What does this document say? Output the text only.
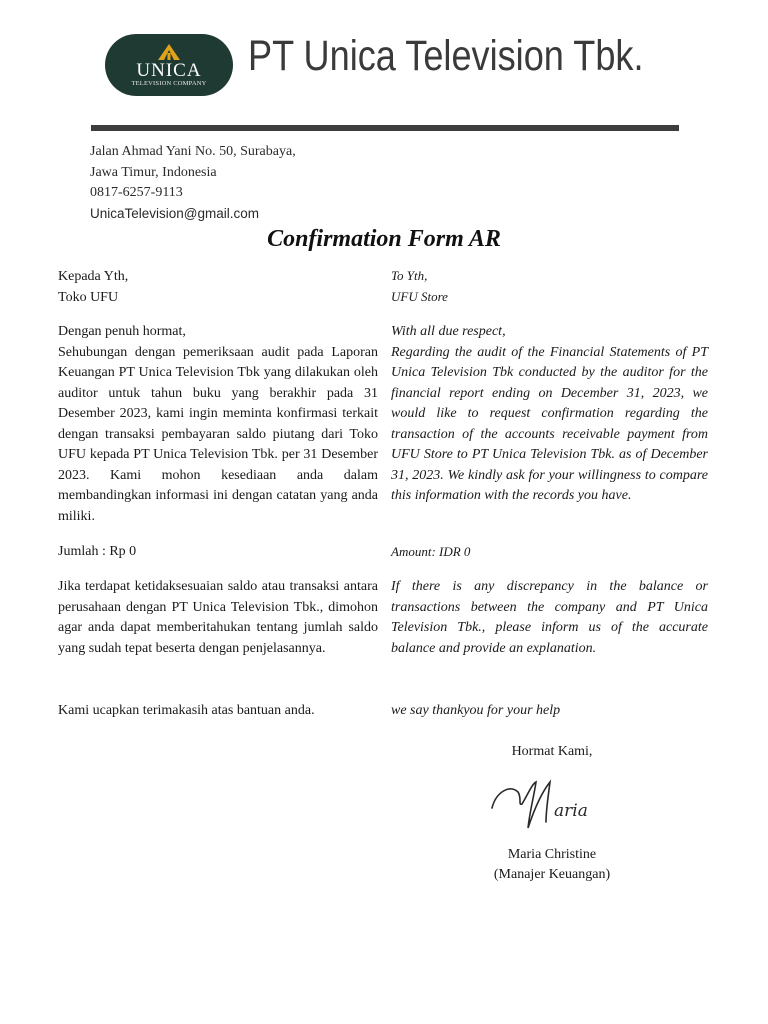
UNICA
TELEVISION COMPANY
PT Unica Television Tbk.
Jalan Ahmad Yani No. 50, Surabaya,
Jawa Timur, Indonesia
0817-6257-9113
UnicaTelevision@gmail.com
Confirmation Form AR

Kepada Yth,

Toko UFU

Dengan penuh hormat,

Sehubungan dengan pemeriksaan audit pada Laporan Keuangan PT Unica Television Tbk yang dilakukan oleh auditor untuk tahun buku yang berakhir pada 31 Desember 2023, kami ingin meminta konfirmasi terkait dengan transaksi pembayaran saldo piutang dari Toko UFU kepada PT Unica Television Tbk. per 31 Desember 2023. Kami mohon kesediaan anda dalam membandingkan informasi ini dengan catatan yang anda miliki.

Jumlah : Rp 0

Jika terdapat ketidaksesuaian saldo atau transaksi antara perusahaan dengan PT Unica Television Tbk., dimohon agar anda dapat memberitahukan tentang jumlah saldo yang sudah tepat beserta dengan penjelasannya.

Kami ucapkan terimakasih atas bantuan anda.

To Yth,

UFU Store

With all due respect,

Regarding the audit of the Financial Statements of PT Unica Television Tbk conducted by the auditor for the financial report ending on December 31, 2023, we would like to request confirmation regarding the transaction of the accounts receivable payment from UFU Store to PT Unica Television Tbk. as of December 31, 2023. We kindly ask for your willingness to compare this information with the records you have.

Amount: IDR 0

If there is any discrepancy in the balance or transactions between the company and PT Unica Television Tbk., please inform us of the accurate balance and provide an explanation.

we say thankyou for your help

Hormat Kami,
aria
Maria Christine
(Manajer Keuangan)
